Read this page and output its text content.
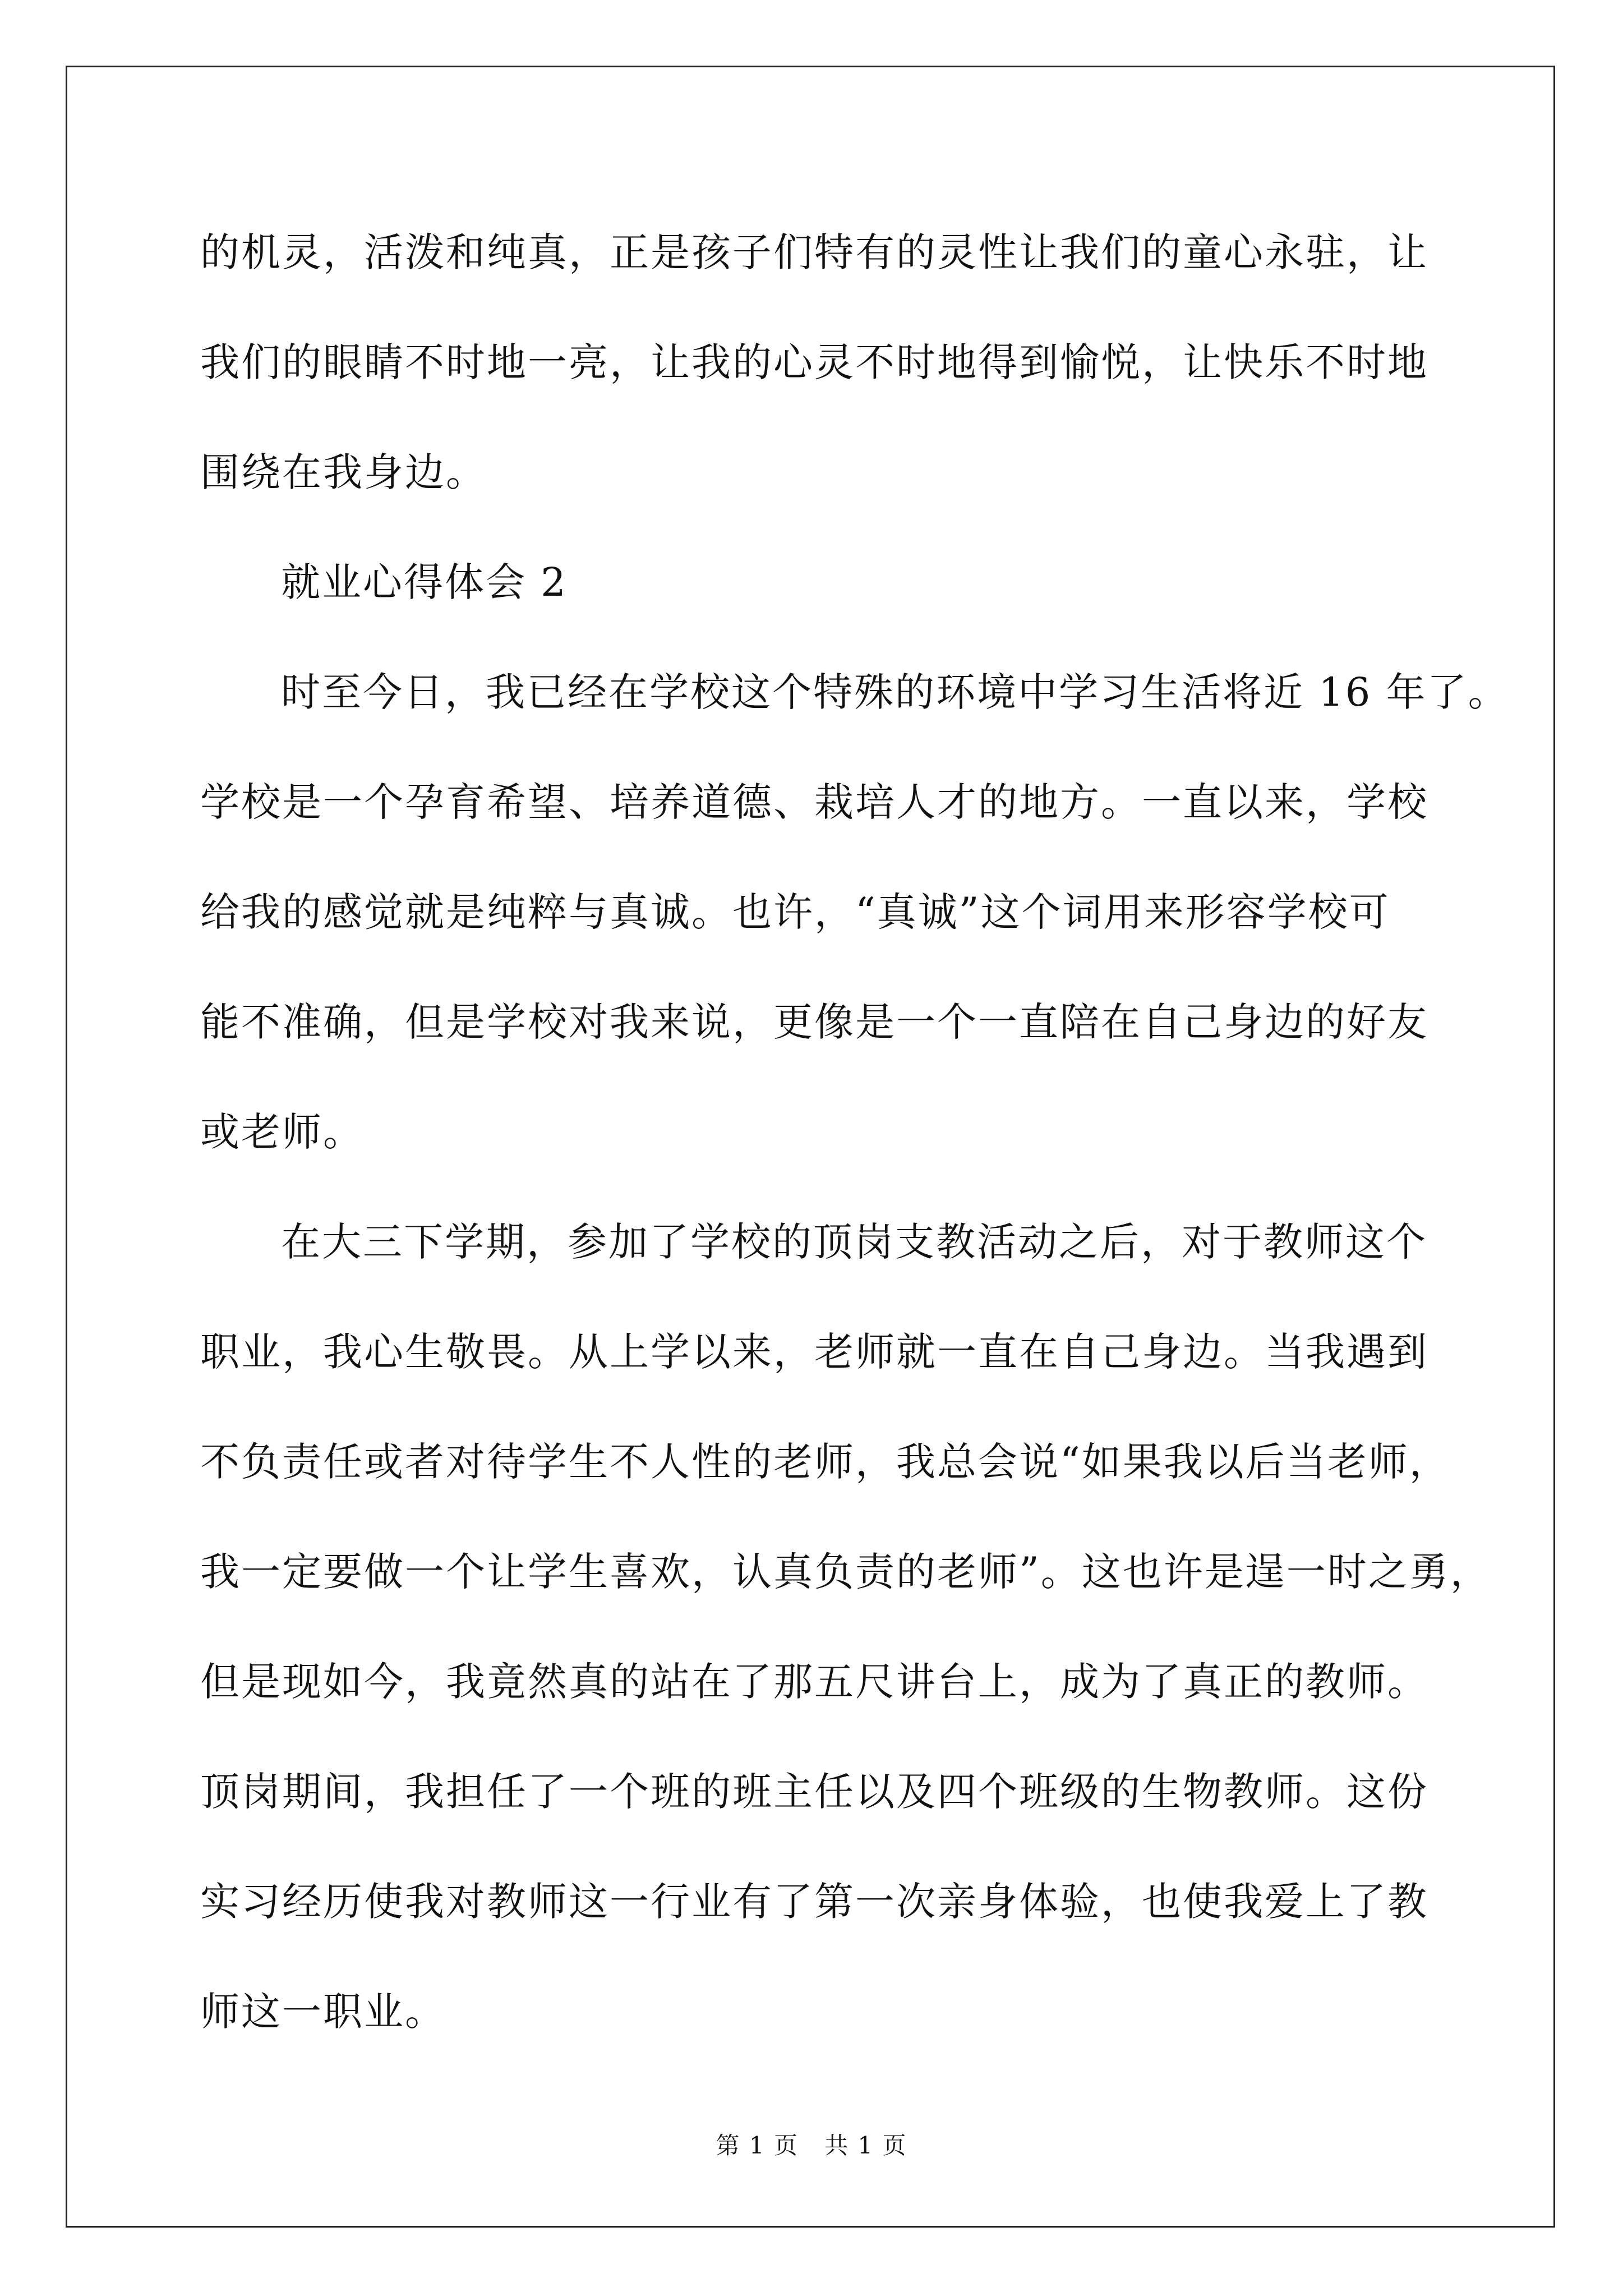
的机灵，活泼和纯真，正是孩子们特有的灵性让我们的童心永驻，让
我们的眼睛不时地一亮，让我的心灵不时地得到愉悦，让快乐不时地
围绕在我身边。
就业心得体会 2
时至今日，我已经在学校这个特殊的环境中学习生活将近 16 年了。
学校是一个孕育希望、培养道德、栽培人才的地方。一直以来，学校
给我的感觉就是纯粹与真诚。也许，“真诚”这个词用来形容学校可
能不准确，但是学校对我来说，更像是一个一直陪在自己身边的好友
或老师。
在大三下学期，参加了学校的顶岗支教活动之后，对于教师这个
职业，我心生敬畏。从上学以来，老师就一直在自己身边。当我遇到
不负责任或者对待学生不人性的老师，我总会说“如果我以后当老师，
我一定要做一个让学生喜欢，认真负责的老师”。这也许是逞一时之勇，
但是现如今，我竟然真的站在了那五尺讲台上，成为了真正的教师。
顶岗期间，我担任了一个班的班主任以及四个班级的生物教师。这份
实习经历使我对教师这一行业有了第一次亲身体验，也使我爱上了教
师这一职业。
第 1 页   共 1 页
